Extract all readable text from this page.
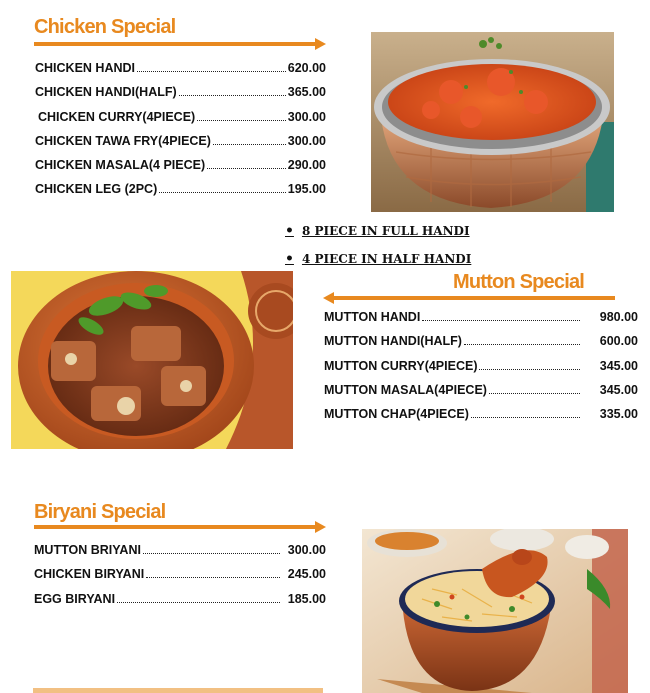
Chicken Special
CHICKEN HANDI	620.00
CHICKEN HANDI(HALF)	365.00
CHICKEN CURRY(4PIECE)	300.00
CHICKEN TAWA FRY(4PIECE)	300.00
CHICKEN MASALA(4 PIECE)	290.00
CHICKEN LEG (2PC)	195.00
• 8 PIECE IN FULL HANDI
• 4 PIECE IN HALF HANDI
Mutton Special
MUTTON HANDI	980.00
MUTTON HANDI(HALF)	600.00
MUTTON CURRY(4PIECE)	345.00
MUTTON MASALA(4PIECE)	345.00
MUTTON CHAP(4PIECE)	335.00
Biryani Special
MUTTON BRIYANI	300.00
CHICKEN BIRYANI	245.00
EGG BIRYANI	185.00
